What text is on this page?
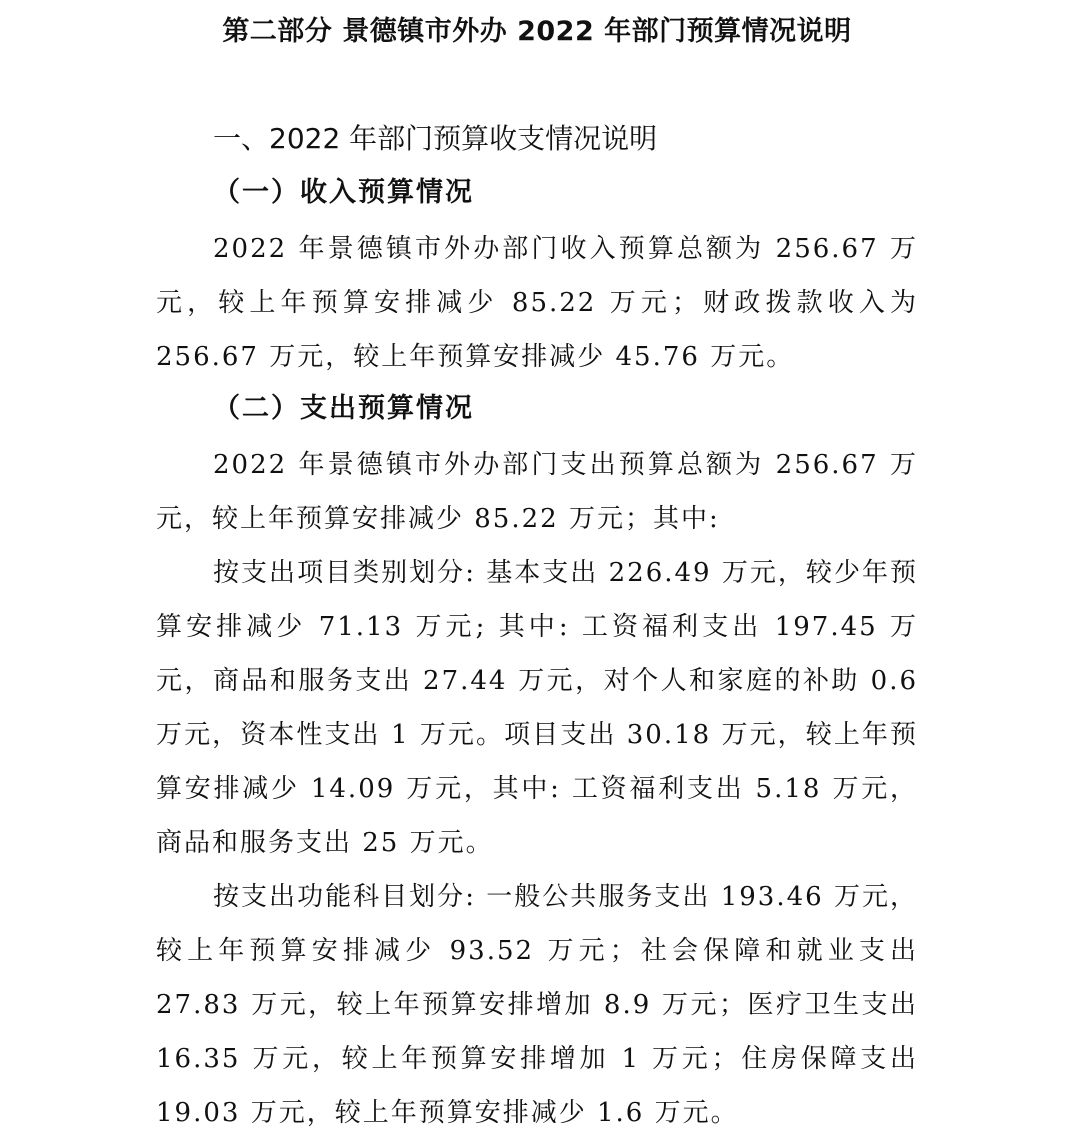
第二部分 景德镇市外办 2022 年部门预算情况说明
一、2022 年部门预算收支情况说明
（一）收入预算情况

2022 年景德镇市外办部门收入预算总额为 256.67 万元，较上年预算安排减少 85.22 万元；财政拨款收入为 256.67 万元，较上年预算安排减少 45.76 万元。

（二）支出预算情况

2022 年景德镇市外办部门支出预算总额为 256.67 万元，较上年预算安排减少 85.22 万元；其中:

按支出项目类别划分: 基本支出 226.49 万元，较少年预算安排减少 71.13 万元; 其中: 工资福利支出 197.45 万元，商品和服务支出 27.44 万元，对个人和家庭的补助 0.6 万元，资本性支出 1 万元。项目支出 30.18 万元，较上年预算安排减少 14.09 万元，其中: 工资福利支出 5.18 万元，商品和服务支出 25 万元。

按支出功能科目划分: 一般公共服务支出 193.46 万元，较上年预算安排减少 93.52 万元；社会保障和就业支出 27.83 万元，较上年预算安排增加 8.9 万元；医疗卫生支出 16.35 万元，较上年预算安排增加 1 万元；住房保障支出 19.03 万元，较上年预算安排减少 1.6 万元。
